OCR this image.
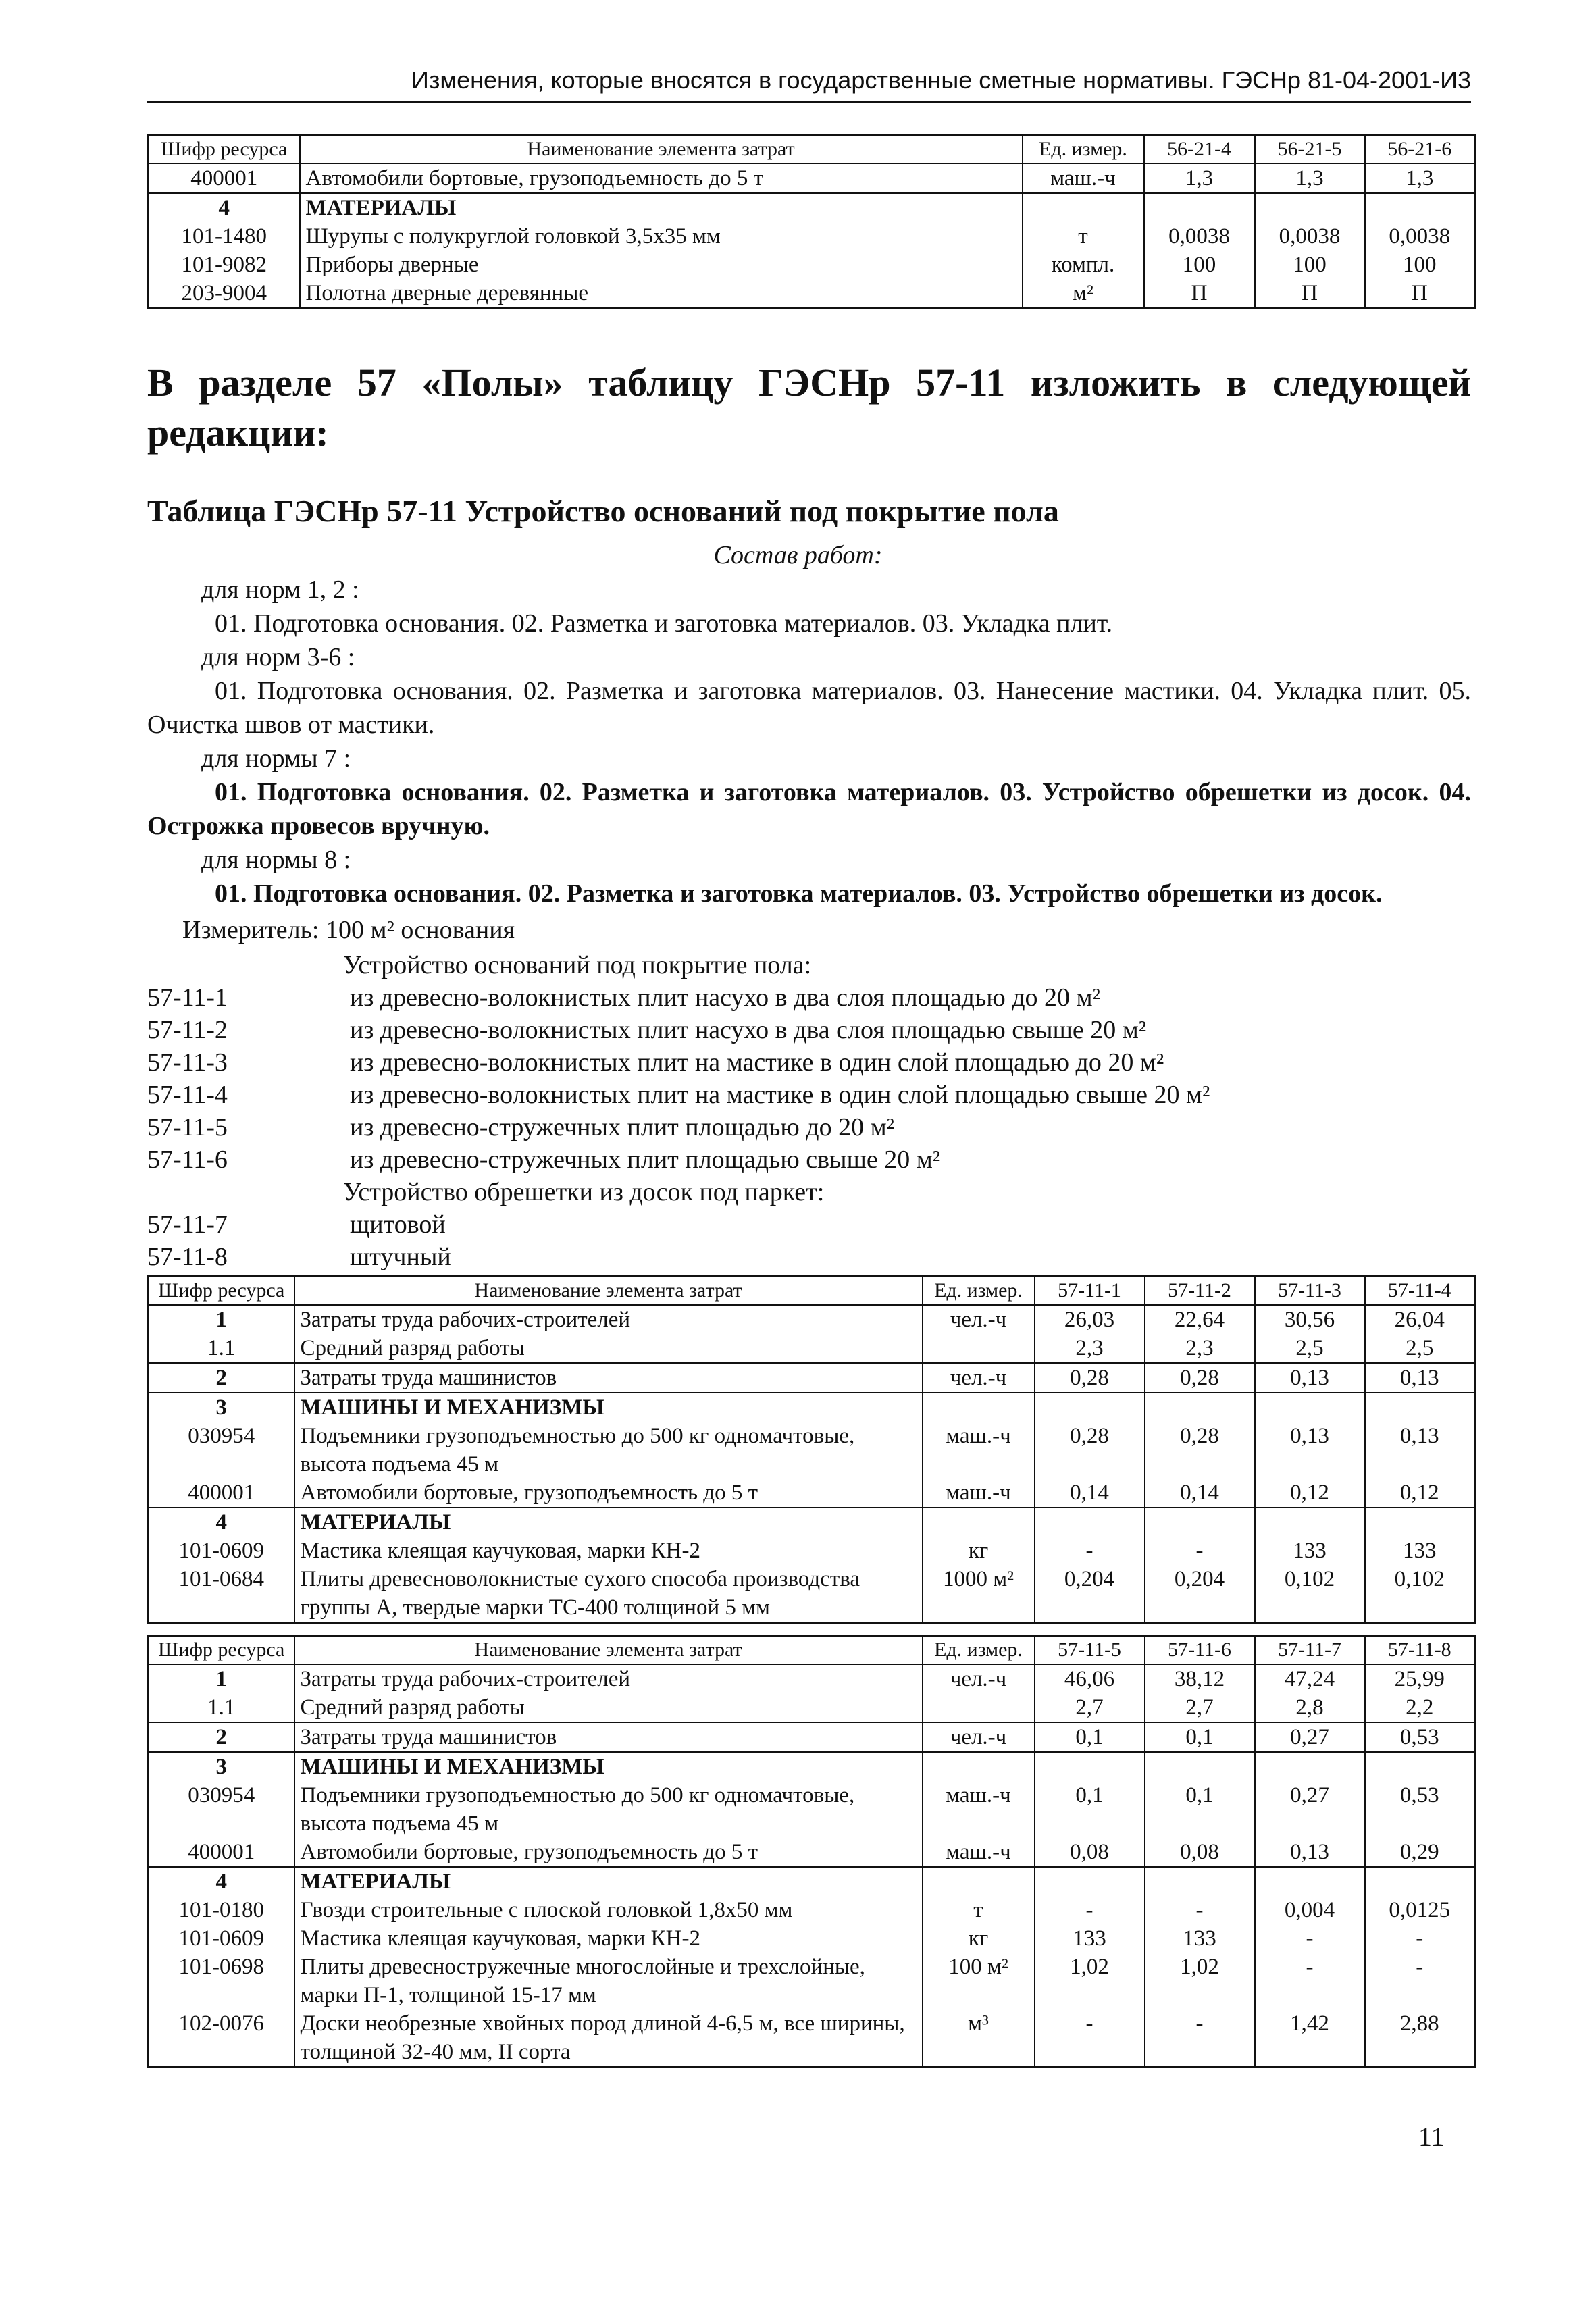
Изменения, которые вносятся в государственные сметные нормативы. ГЭСНр 81-04-2001-И3
Шифр ресурса	Наименование элемента затрат	Ед. измер.	56-21-4	56-21-5	56-21-6
400001	Автомобили бортовые, грузоподъемность до 5 т	маш.-ч	1,3	1,3	1,3
4	МАТЕРИАЛЫ				
101-1480	Шурупы с полукруглой головкой 3,5х35 мм	т	0,0038	0,0038	0,0038
101-9082	Приборы дверные	компл.	100	100	100
203-9004	Полотна дверные деревянные	м²	П	П	П
В разделе 57 «Полы» таблицу ГЭСНр 57-11 изложить в следующей редакции:
Таблица ГЭСНр 57-11 Устройство оснований под покрытие пола
Состав работ:
для норм 1, 2 :
01. Подготовка основания. 02. Разметка и заготовка материалов. 03. Укладка плит.
для норм 3-6 :
01. Подготовка основания. 02. Разметка и заготовка материалов. 03. Нанесение мастики. 04. Укладка плит. 05. Очистка швов от мастики.
для нормы 7 :
01. Подготовка основания. 02. Разметка и заготовка материалов. 03. Устройство обрешетки из досок. 04. Острожка провесов вручную.
для нормы 8 :
01. Подготовка основания. 02. Разметка и заготовка материалов. 03. Устройство обрешетки из досок.
Измеритель: 100 м² основания
Устройство оснований под покрытие пола:
57-11-1	из древесно-волокнистых плит насухо в два слоя площадью до 20 м²
57-11-2	из древесно-волокнистых плит насухо в два слоя площадью свыше 20 м²
57-11-3	из древесно-волокнистых плит на мастике в один слой площадью до 20 м²
57-11-4	из древесно-волокнистых плит на мастике в один слой площадью свыше 20 м²
57-11-5	из древесно-стружечных плит площадью до 20 м²
57-11-6	из древесно-стружечных плит площадью свыше 20 м²
Устройство обрешетки из досок под паркет:
57-11-7	щитовой
57-11-8	штучный
Шифр ресурса	Наименование элемента затрат	Ед. измер.	57-11-1	57-11-2	57-11-3	57-11-4
1	Затраты труда рабочих-строителей	чел.-ч	26,03	22,64	30,56	26,04
1.1	Средний разряд работы		2,3	2,3	2,5	2,5
2	Затраты труда машинистов	чел.-ч	0,28	0,28	0,13	0,13
3	МАШИНЫ И МЕХАНИЗМЫ					
030954	Подъемники грузоподъемностью до 500 кг одномачтовые, высота подъема 45 м	маш.-ч	0,28	0,28	0,13	0,13
400001	Автомобили бортовые, грузоподъемность до 5 т	маш.-ч	0,14	0,14	0,12	0,12
4	МАТЕРИАЛЫ					
101-0609	Мастика клеящая каучуковая, марки КН-2	кг	-	-	133	133
101-0684	Плиты древесноволокнистые сухого способа производства группы А, твердые марки ТС-400 толщиной 5 мм	1000 м²	0,204	0,204	0,102	0,102
Шифр ресурса	Наименование элемента затрат	Ед. измер.	57-11-5	57-11-6	57-11-7	57-11-8
1	Затраты труда рабочих-строителей	чел.-ч	46,06	38,12	47,24	25,99
1.1	Средний разряд работы		2,7	2,7	2,8	2,2
2	Затраты труда машинистов	чел.-ч	0,1	0,1	0,27	0,53
3	МАШИНЫ И МЕХАНИЗМЫ					
030954	Подъемники грузоподъемностью до 500 кг одномачтовые, высота подъема 45 м	маш.-ч	0,1	0,1	0,27	0,53
400001	Автомобили бортовые, грузоподъемность до 5 т	маш.-ч	0,08	0,08	0,13	0,29
4	МАТЕРИАЛЫ					
101-0180	Гвозди строительные с плоской головкой 1,8х50 мм	т	-	-	0,004	0,0125
101-0609	Мастика клеящая каучуковая, марки КН-2	кг	133	133	-	-
101-0698	Плиты древесностружечные многослойные и трехслойные, марки П-1, толщиной 15-17 мм	100 м²	1,02	1,02	-	-
102-0076	Доски необрезные хвойных пород длиной 4-6,5 м, все ширины, толщиной 32-40 мм, II сорта	м³	-	-	1,42	2,88
11
